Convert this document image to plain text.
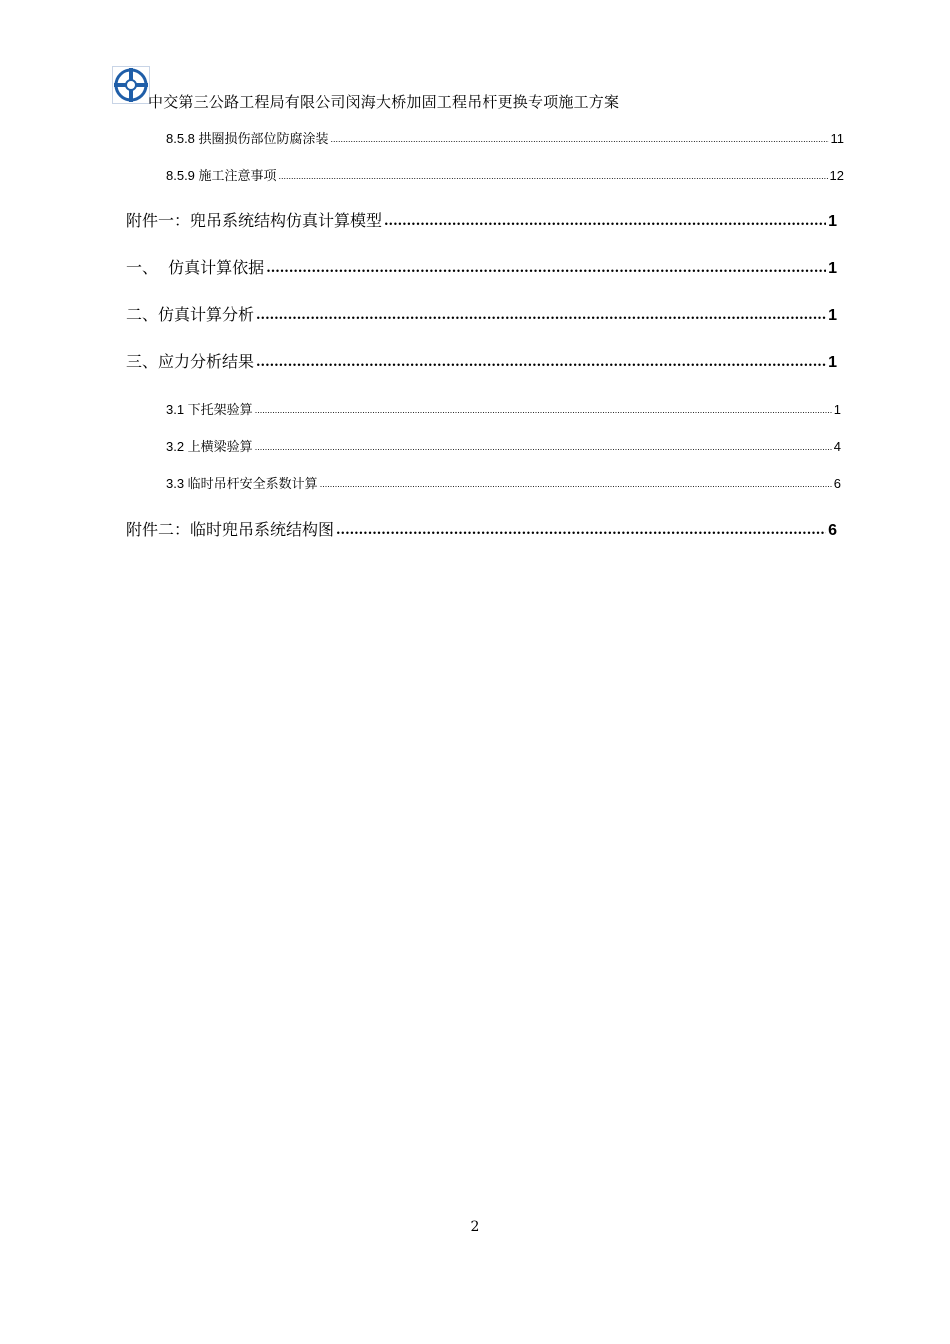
中交第三公路工程局有限公司闵海大桥加固工程吊杆更换专项施工方案
8.5.8 拱圈损伤部位防腐涂装 .....	11
8.5.9 施工注意事项 .....	12
附件一：兜吊系统结构仿真计算模型 .....	1
一、  仿真计算依据 .....	1
二、仿真计算分析 .....	1
三、应力分析结果 .....	1
3.1 下托架验算 .....	1
3.2 上横梁验算 .....	4
3.3 临时吊杆安全系数计算 .....	6
附件二：临时兜吊系统结构图 .....	6
2
